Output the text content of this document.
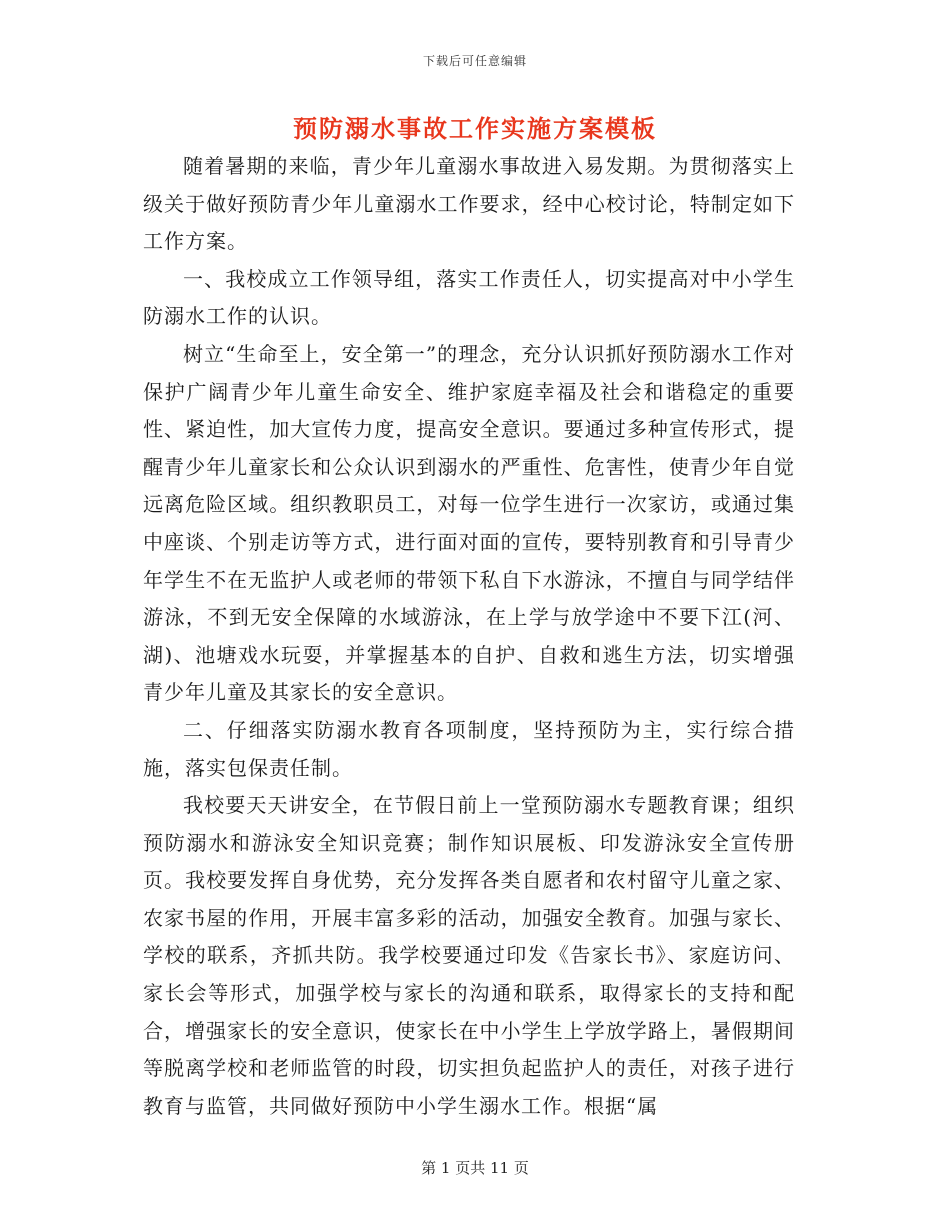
下载后可任意编辑
预防溺水事故工作实施方案模板

随着暑期的来临，青少年儿童溺水事故进入易发期。为贯彻落实上级关于做好预防青少年儿童溺水工作要求，经中心校讨论，特制定如下工作方案。

一、我校成立工作领导组，落实工作责任人，切实提高对中小学生防溺水工作的认识。

树立“生命至上，安全第一”的理念，充分认识抓好预防溺水工作对保护广阔青少年儿童生命安全、维护家庭幸福及社会和谐稳定的重要性、紧迫性，加大宣传力度，提高安全意识。要通过多种宣传形式，提醒青少年儿童家长和公众认识到溺水的严重性、危害性，使青少年自觉远离危险区域。组织教职员工，对每一位学生进行一次家访，或通过集中座谈、个别走访等方式，进行面对面的宣传，要特别教育和引导青少年学生不在无监护人或老师的带领下私自下水游泳，不擅自与同学结伴游泳，不到无安全保障的水域游泳，在上学与放学途中不要下江(河、湖)、池塘戏水玩耍，并掌握基本的自护、自救和逃生方法，切实增强青少年儿童及其家长的安全意识。

二、仔细落实防溺水教育各项制度，坚持预防为主，实行综合措施，落实包保责任制。

我校要天天讲安全，在节假日前上一堂预防溺水专题教育课；组织预防溺水和游泳安全知识竞赛；制作知识展板、印发游泳安全宣传册页。我校要发挥自身优势，充分发挥各类自愿者和农村留守儿童之家、农家书屋的作用，开展丰富多彩的活动，加强安全教育。加强与家长、学校的联系，齐抓共防。我学校要通过印发《告家长书》、家庭访问、家长会等形式，加强学校与家长的沟通和联系，取得家长的支持和配合，增强家长的安全意识，使家长在中小学生上学放学路上，暑假期间等脱离学校和老师监管的时段，切实担负起监护人的责任，对孩子进行教育与监管，共同做好预防中小学生溺水工作。根据“属

第 1 页共 11 页
